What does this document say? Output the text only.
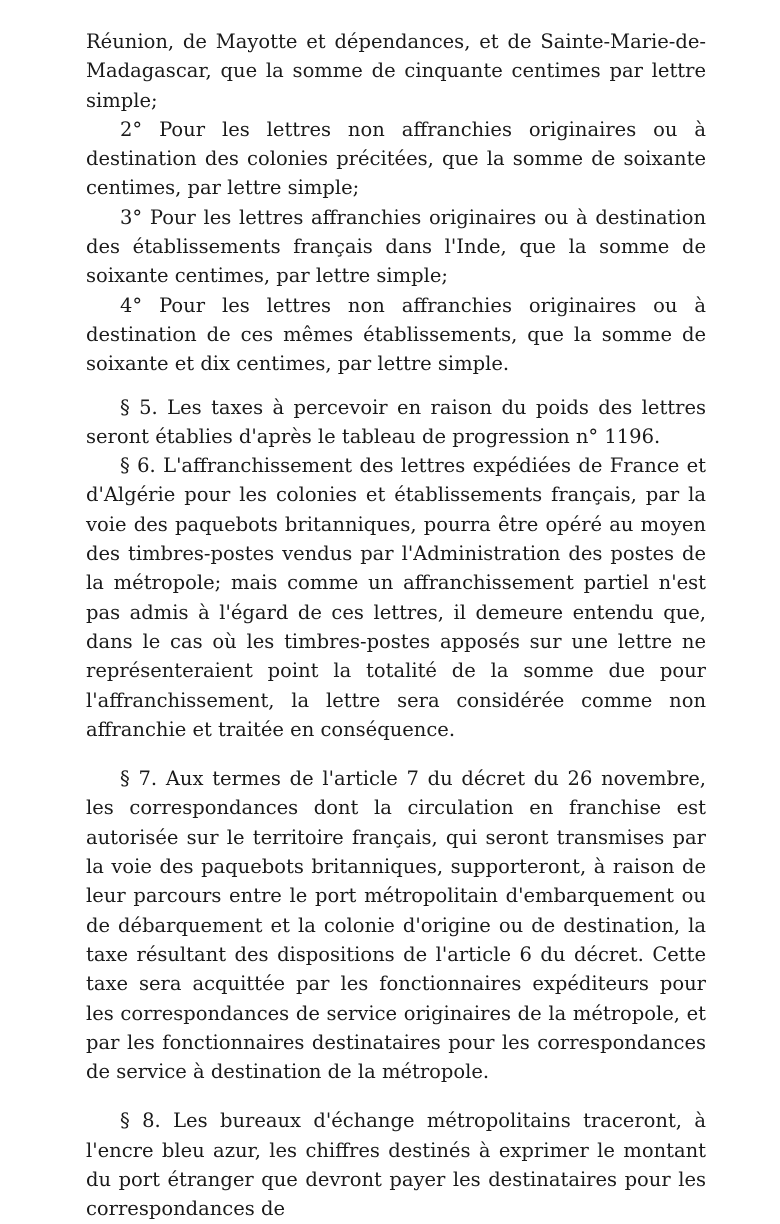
Réunion, de Mayotte et dépendances, et de Sainte-Marie-de-Madagascar, que la somme de cinquante centimes par lettre simple;

2° Pour les lettres non affranchies originaires ou à destination des colonies précitées, que la somme de soixante centimes, par lettre simple;

3° Pour les lettres affranchies originaires ou à destination des établissements français dans l'Inde, que la somme de soixante centimes, par lettre simple;

4° Pour les lettres non affranchies originaires ou à destination de ces mêmes établissements, que la somme de soixante et dix centimes, par lettre simple.

§ 5. Les taxes à percevoir en raison du poids des lettres seront établies d'après le tableau de progression n° 1196.

§ 6. L'affranchissement des lettres expédiées de France et d'Algérie pour les colonies et établissements français, par la voie des paquebots britanniques, pourra être opéré au moyen des timbres-postes vendus par l'Administration des postes de la métropole; mais comme un affranchissement partiel n'est pas admis à l'égard de ces lettres, il demeure entendu que, dans le cas où les timbres-postes apposés sur une lettre ne représenteraient point la totalité de la somme due pour l'affranchissement, la lettre sera considérée comme non affranchie et traitée en conséquence.

§ 7. Aux termes de l'article 7 du décret du 26 novembre, les correspondances dont la circulation en franchise est autorisée sur le territoire français, qui seront transmises par la voie des paquebots britanniques, supporteront, à raison de leur parcours entre le port métropolitain d'embarquement ou de débarquement et la colonie d'origine ou de destination, la taxe résultant des dispositions de l'article 6 du décret. Cette taxe sera acquittée par les fonctionnaires expéditeurs pour les correspondances de service originaires de la métropole, et par les fonctionnaires destinataires pour les correspondances de service à destination de la métropole.

§ 8. Les bureaux d'échange métropolitains traceront, à l'encre bleu azur, les chiffres destinés à exprimer le montant du port étranger que devront payer les destinataires pour les correspondances de
